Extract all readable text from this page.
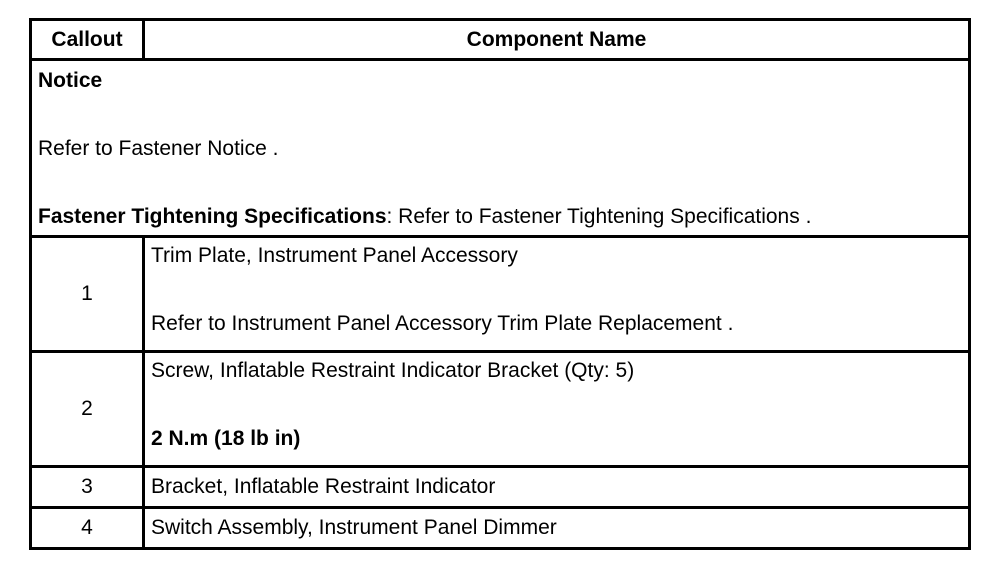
Callout	Component Name

Notice

Refer to Fastener Notice .

Fastener Tightening Specifications: Refer to Fastener Tightening Specifications .	

1	Trim Plate, Instrument Panel Accessory

Refer to Instrument Panel Accessory Trim Plate Replacement .

2	Screw, Inflatable Restraint Indicator Bracket (Qty: 5)

2 N.m (18 lb in)

3	Bracket, Inflatable Restraint Indicator
4	Switch Assembly, Instrument Panel Dimmer
